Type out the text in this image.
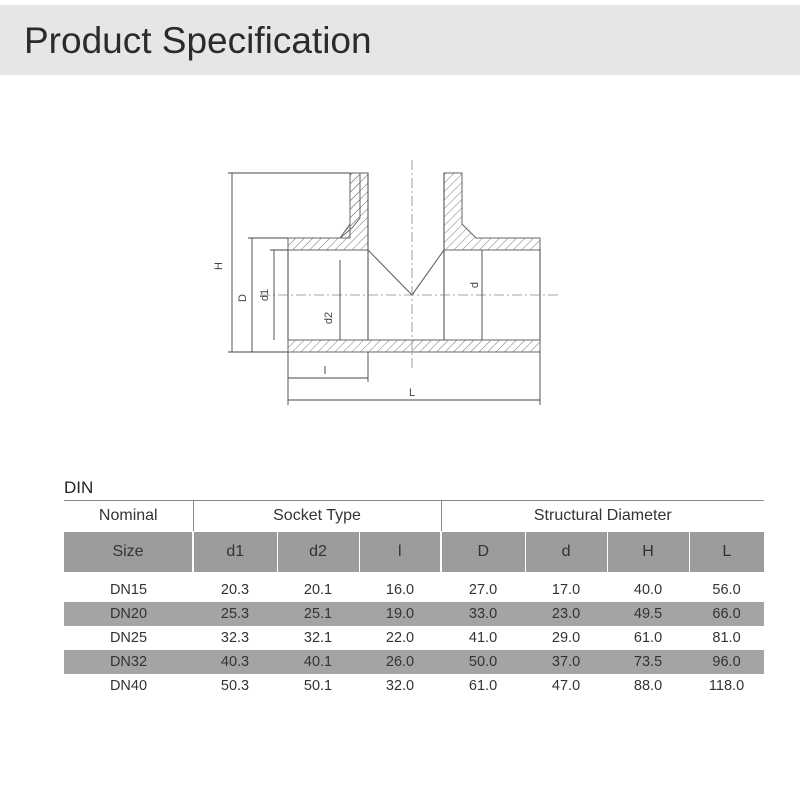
Product Specification
H
D d1
d2
d
l
L
DIN
Nominal	Socket Type			Structural Diameter			
Size	d1	d2	l	D	d	H	L
DN15	20.3	20.1	16.0	27.0	17.0	40.0	56.0
DN20	25.3	25.1	19.0	33.0	23.0	49.5	66.0
DN25	32.3	32.1	22.0	41.0	29.0	61.0	81.0
DN32	40.3	40.1	26.0	50.0	37.0	73.5	96.0
DN40	50.3	50.1	32.0	61.0	47.0	88.0	118.0
